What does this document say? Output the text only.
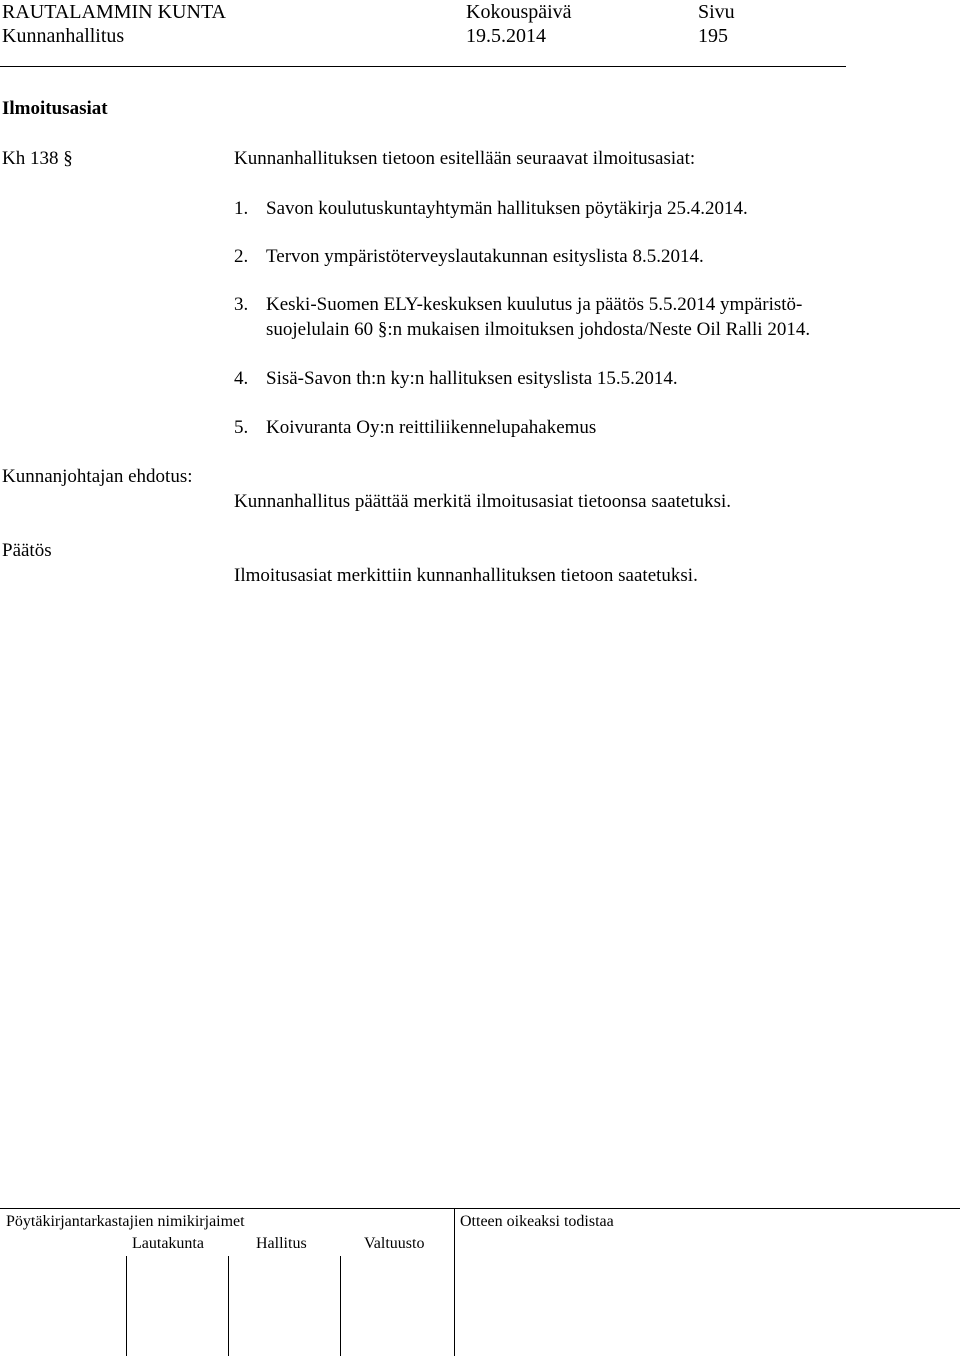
RAUTALAMMIN KUNTA	Kokouspäivä	Sivu
Kunnanhallitus	19.5.2014	195
Ilmoitusasiat
Kh 138 §	Kunnanhallituksen tietoon esitellään seuraavat ilmoitusasiat:
1. Savon koulutuskuntayhtymän hallituksen pöytäkirja 25.4.2014.
2. Tervon ympäristöterveyslautakunnan esityslista 8.5.2014.
3. Keski-Suomen ELY-keskuksen kuulutus ja päätös 5.5.2014 ympäristö-
suojelulain 60 §:n mukaisen ilmoituksen johdosta/Neste Oil Ralli 2014.
4. Sisä-Savon th:n ky:n hallituksen esityslista 15.5.2014.
5. Koivuranta Oy:n reittiliikennelupahakemus
Kunnanjohtajan ehdotus:
Kunnanhallitus päättää merkitä ilmoitusasiat tietoonsa saatetuksi.
Päätös
Ilmoitusasiat merkittiin kunnanhallituksen tietoon saatetuksi.
Pöytäkirjantarkastajien nimikirjaimet	Otteen oikeaksi todistaa
Lautakunta	Hallitus	Valtuusto
